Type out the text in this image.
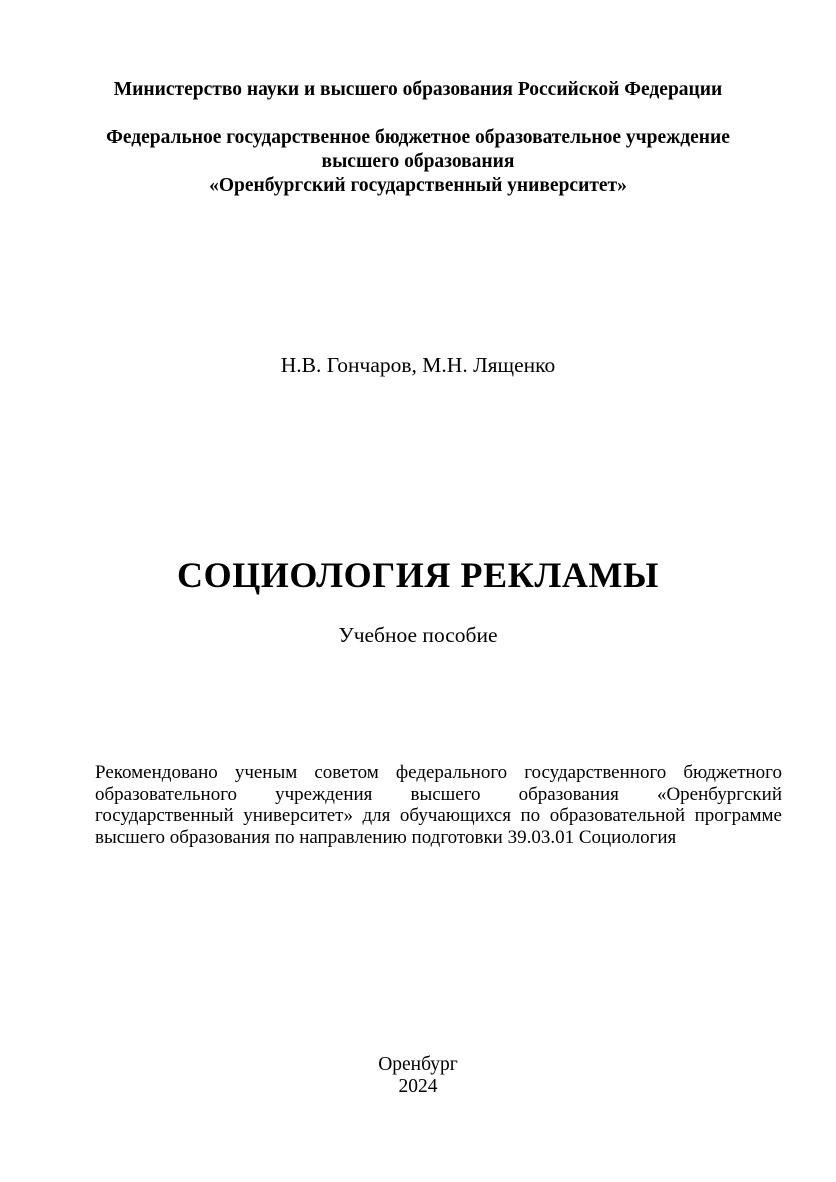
Министерство науки и высшего образования Российской Федерации

Федеральное государственное бюджетное образовательное учреждение
высшего образования
«Оренбургский государственный университет»

Н.В. Гончаров, М.Н. Лященко
СОЦИОЛОГИЯ РЕКЛАМЫ
Учебное пособие

Рекомендовано ученым советом федерального государственного бюджетного образовательного учреждения высшего образования «Оренбургский государственный университет» для обучающихся по образовательной программе высшего образования по направлению подготовки 39.03.01 Социология

Оренбург
2024
